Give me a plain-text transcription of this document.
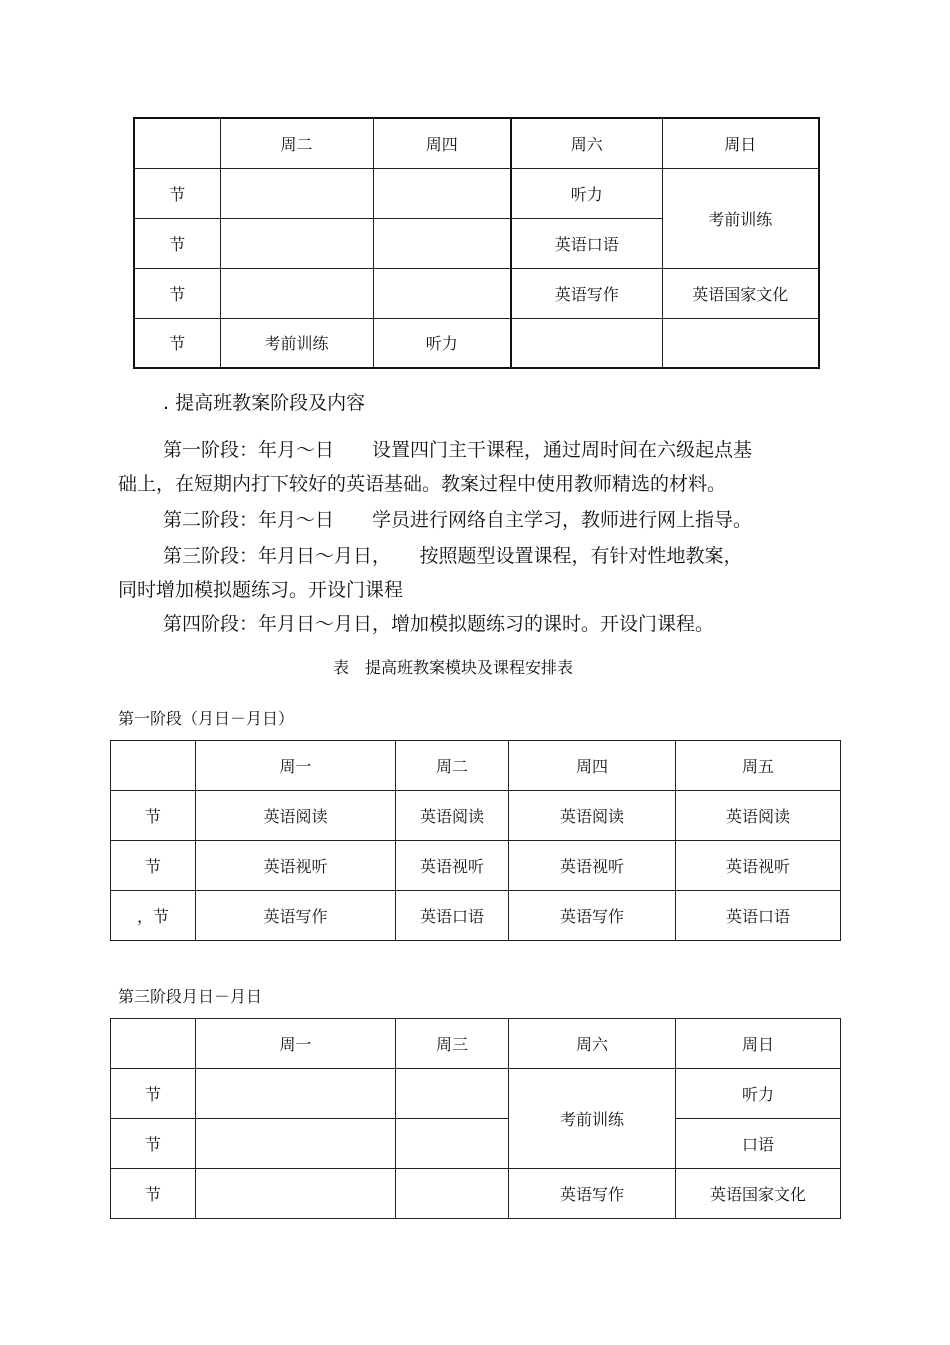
	周二	周四	周六	周日
节			听力	考前训练
节			英语口语	
节			英语写作	英语国家文化
节	考前训练	听力		
. 提高班教案阶段及内容
第一阶段：年月～日　　设置四门主干课程，通过周时间在六级起点基
础上，在短期内打下较好的英语基础。教案过程中使用教师精选的材料。
第二阶段：年月～日　　学员进行网络自主学习，教师进行网上指导。
第三阶段：年月日～月日，　　按照题型设置课程，有针对性地教案，
同时增加模拟题练习。开设门课程
第四阶段：年月日～月日，增加模拟题练习的课时。开设门课程。
表　提高班教案模块及课程安排表
第一阶段（月日－月日）
	周一	周二	周四	周五
节	英语阅读	英语阅读	英语阅读	英语阅读
节	英语视听	英语视听	英语视听	英语视听
，节	英语写作	英语口语	英语写作	英语口语
第三阶段月日－月日
	周一	周三	周六	周日
节			考前训练	听力
节				口语
节			英语写作	英语国家文化
